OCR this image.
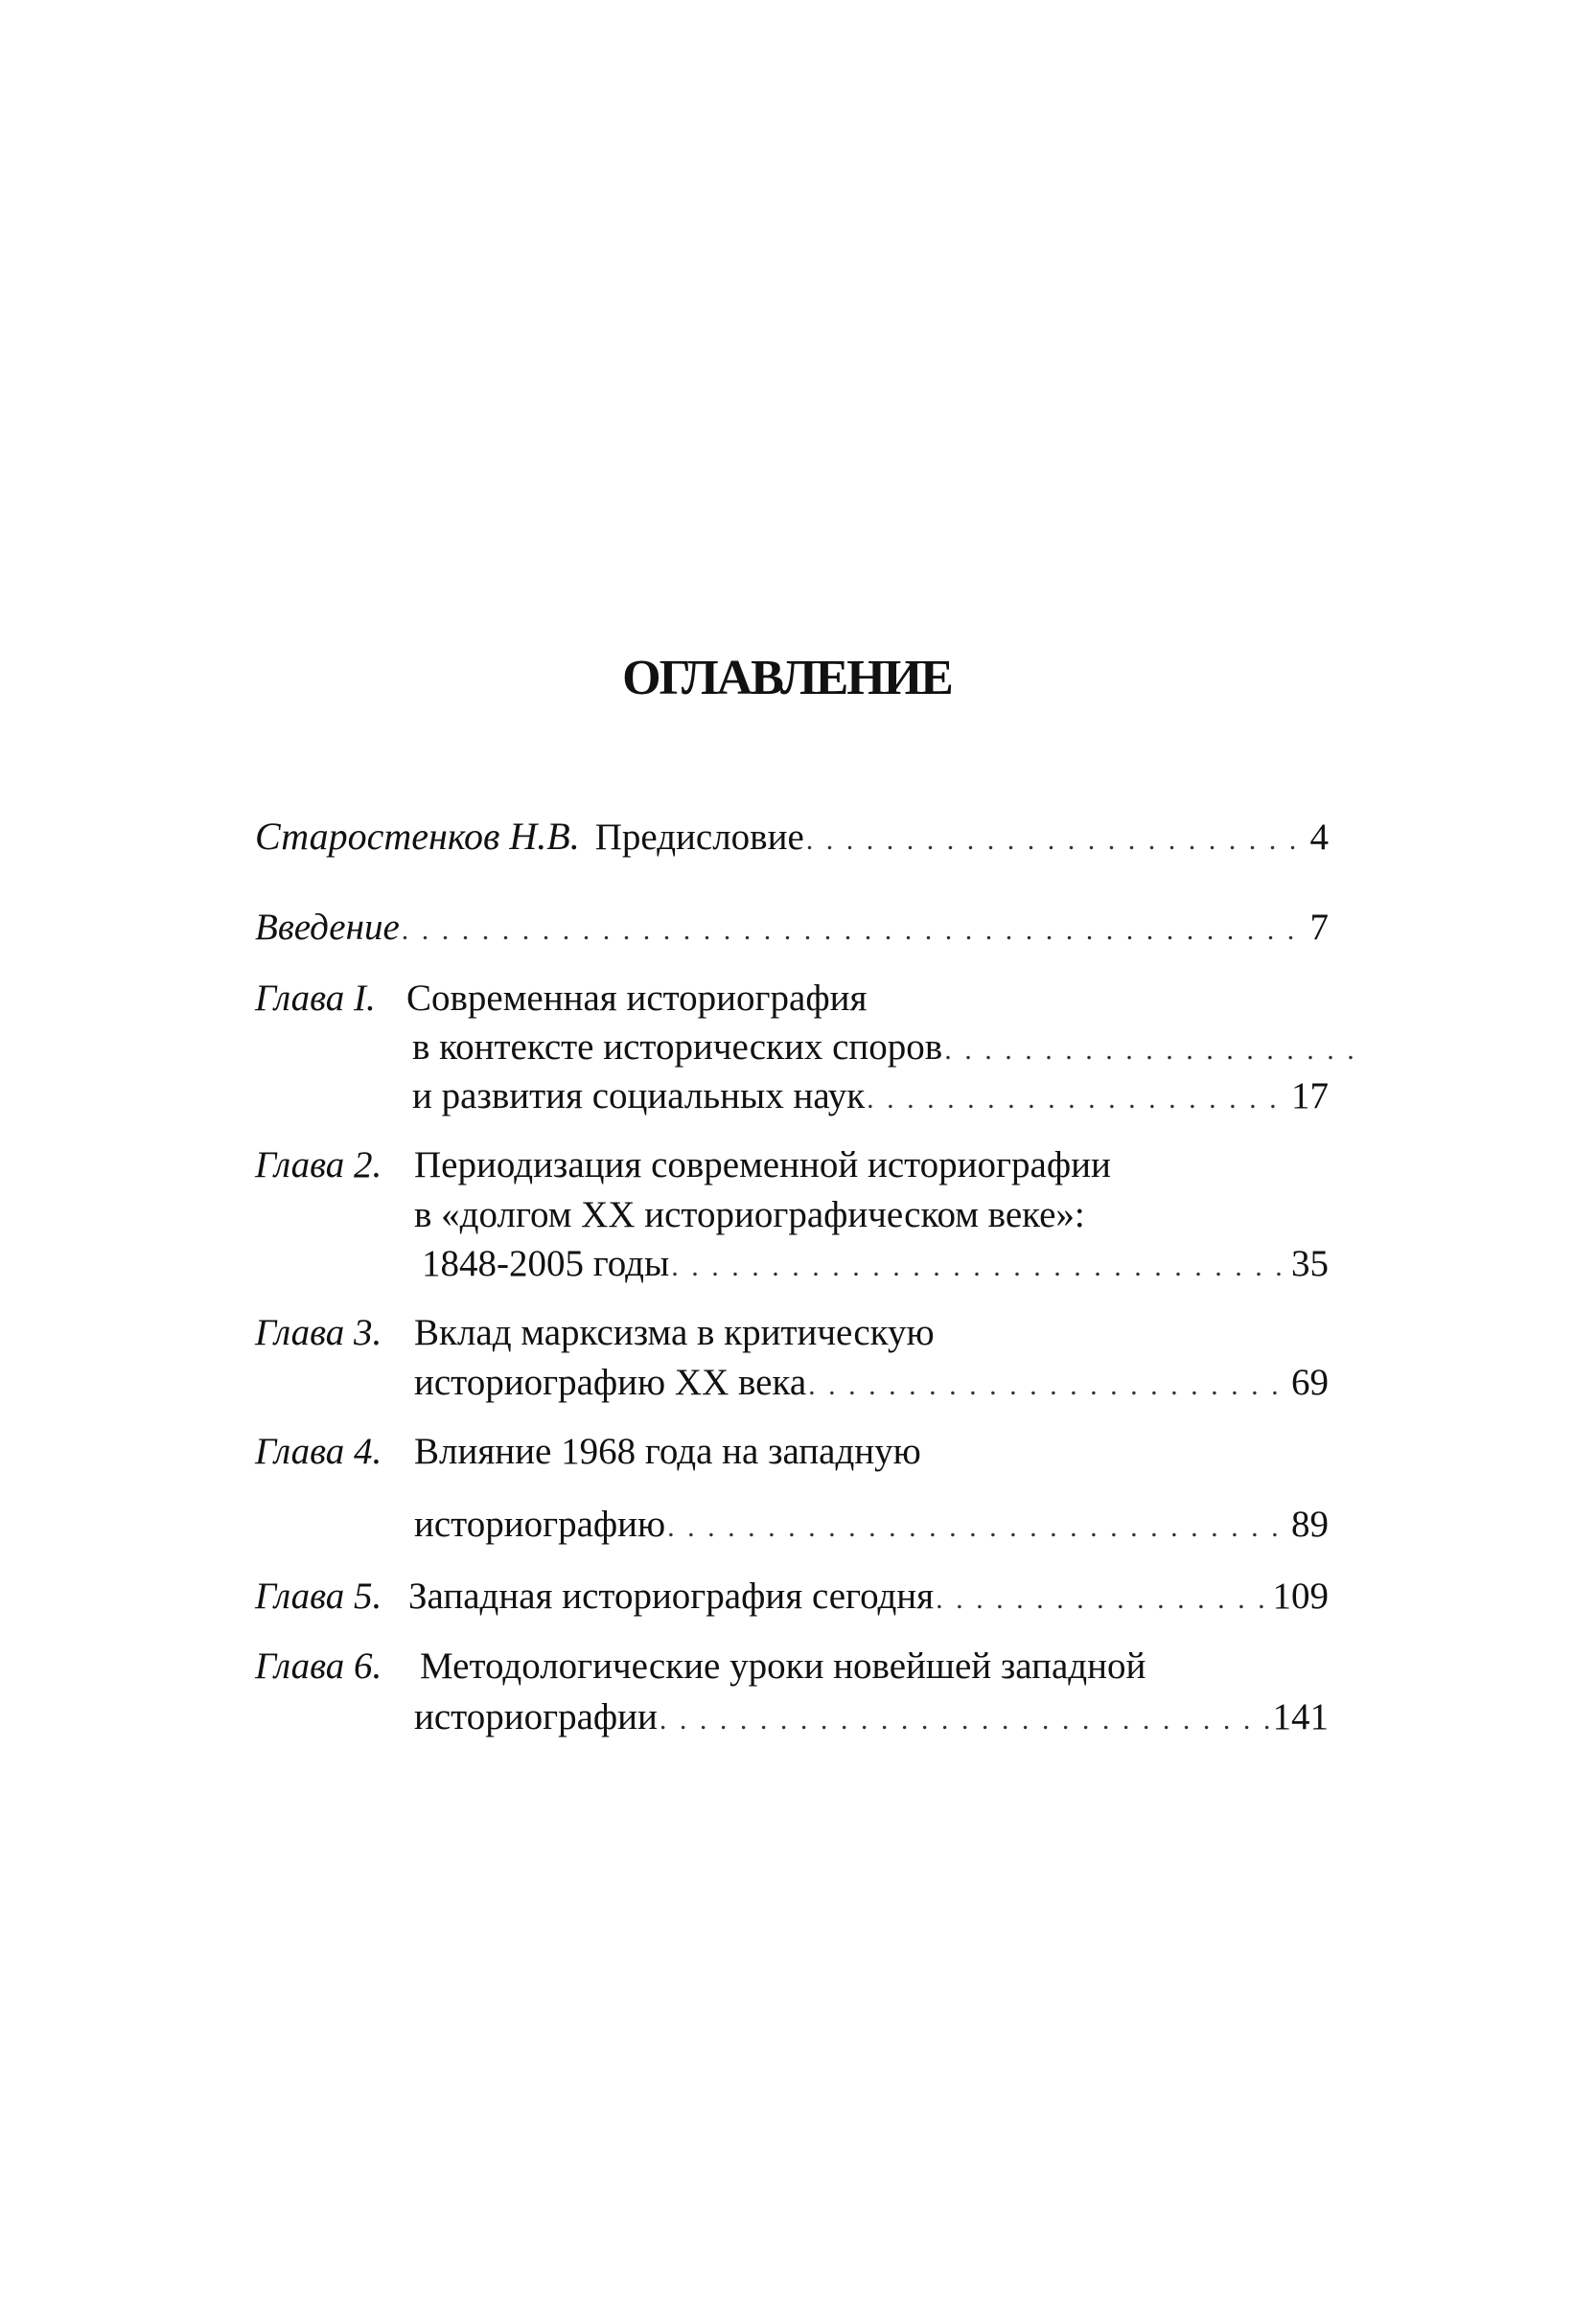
ОГЛАВЛЕНИЕ
Старостенков Н.В. Предисловие . . .	4
Введение . . .	7
Глава I. Современная историография
в контексте исторических споров
. . .
и развития социальных наук . . .	17
Глава 2. Периодизация современной историографии
в «долгом XX историографическом веке»:
1848-2005 годы . . .	35
Глава 3. Вклад марксизма в критическую
историографию XX века . . .	69
Глава 4. Влияние 1968 года на западную
историографию . . .	89
Глава 5. Западная историография сегодня . . .	109
Глава 6.	Методологические уроки новейшей западной
историографии . . .	141
